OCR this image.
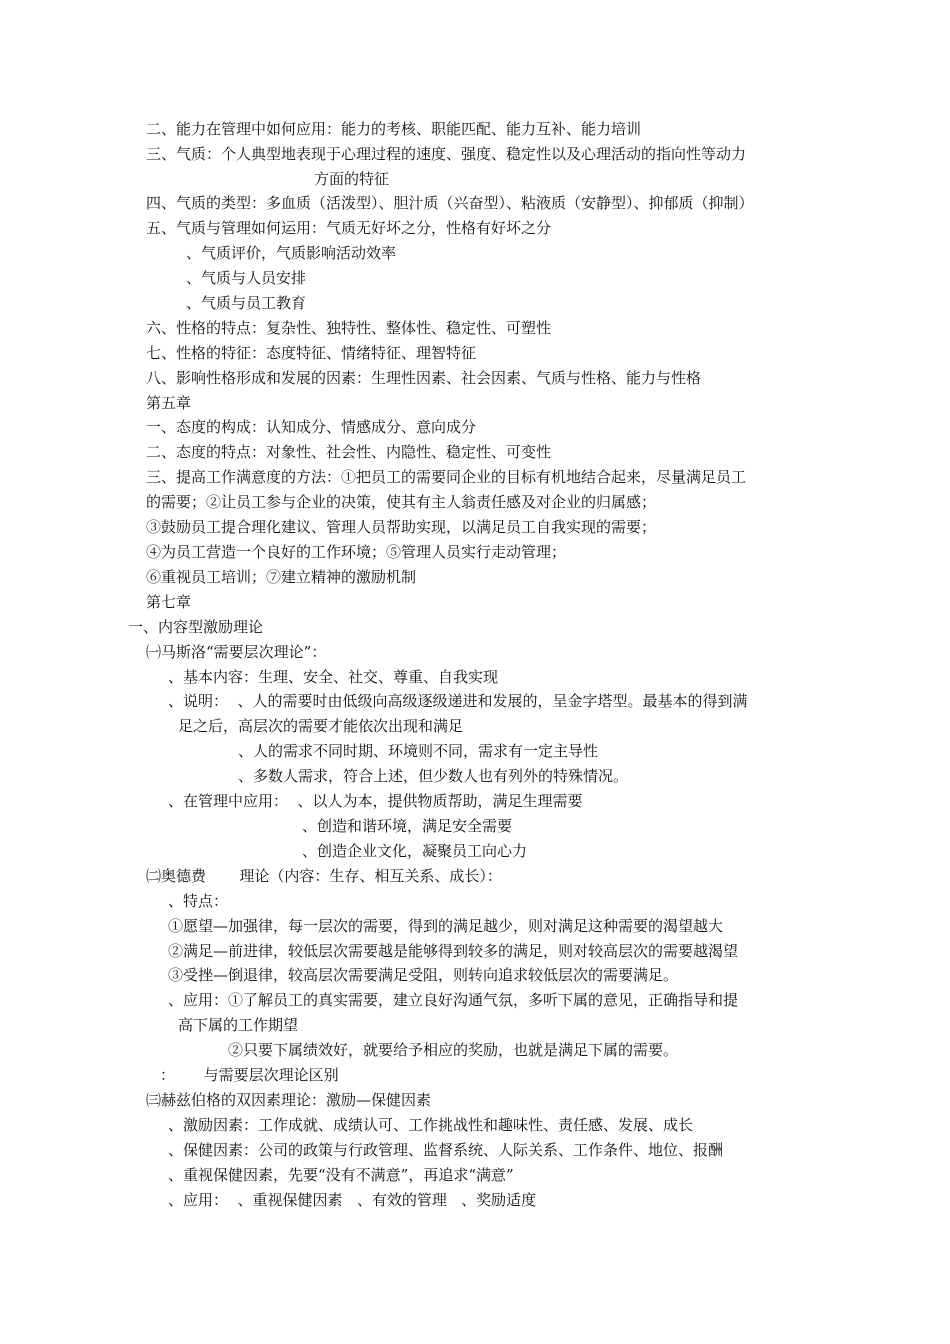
二、能力在管理中如何应用：能力的考核、职能匹配、能力互补、能力培训
三、气质：个人典型地表现于心理过程的速度、强度、稳定性以及心理活动的指向性等动力
方面的特征
四、气质的类型：多血质（活泼型）、胆汁质（兴奋型）、粘液质（安静型）、抑郁质（抑制）
五、气质与管理如何运用：气质无好坏之分，性格有好坏之分
、气质评价，气质影响活动效率
、气质与人员安排
、气质与员工教育
六、性格的特点：复杂性、独特性、整体性、稳定性、可塑性
七、性格的特征：态度特征、情绪特征、理智特征
八、影响性格形成和发展的因素：生理性因素、社会因素、气质与性格、能力与性格
第五章
一、态度的构成：认知成分、情感成分、意向成分
二、态度的特点：对象性、社会性、内隐性、稳定性、可变性
三、提高工作满意度的方法：①把员工的需要同企业的目标有机地结合起来，尽量满足员工
的需要；②让员工参与企业的决策，使其有主人翁责任感及对企业的归属感；
③鼓励员工提合理化建议、管理人员帮助实现，以满足员工自我实现的需要；
④为员工营造一个良好的工作环境；⑤管理人员实行走动管理；
⑥重视员工培训；⑦建立精神的激励机制
第七章
一、内容型激励理论
㈠马斯洛“需要层次理论”：
、基本内容：生理、安全、社交、尊重、自我实现
、说明：  、人的需要时由低级向高级逐级递进和发展的，呈金字塔型。最基本的得到满
足之后，高层次的需要才能依次出现和满足
、人的需求不同时期、环境则不同，需求有一定主导性
、多数人需求，符合上述，但少数人也有列外的特殊情况。
、在管理中应用：  、以人为本，提供物质帮助，满足生理需要
、创造和谐环境，满足安全需要
、创造企业文化，凝聚员工向心力
㈡奥德费       理论（内容：生存、相互关系、成长）：
、特点：
①愿望—加强律，每一层次的需要，得到的满足越少，则对满足这种需要的渴望越大
②满足—前进律，较低层次需要越是能够得到较多的满足，则对较高层次的需要越渴望
③受挫—倒退律，较高层次需要满足受阻，则转向追求较低层次的需要满足。
、应用：①了解员工的真实需要，建立良好沟通气氛，多听下属的意见，正确指导和提
高下属的工作期望
②只要下属绩效好，就要给予相应的奖励，也就是满足下属的需要。
：      与需要层次理论区别
㈢赫兹伯格的双因素理论：激励—保健因素
、激励因素：工作成就、成绩认可、工作挑战性和趣味性、责任感、发展、成长
、保健因素：公司的政策与行政管理、监督系统、人际关系、工作条件、地位、报酬
、重视保健因素，先要“没有不满意”，再追求“满意”
、应用：  、重视保健因素   、有效的管理   、奖励适度
